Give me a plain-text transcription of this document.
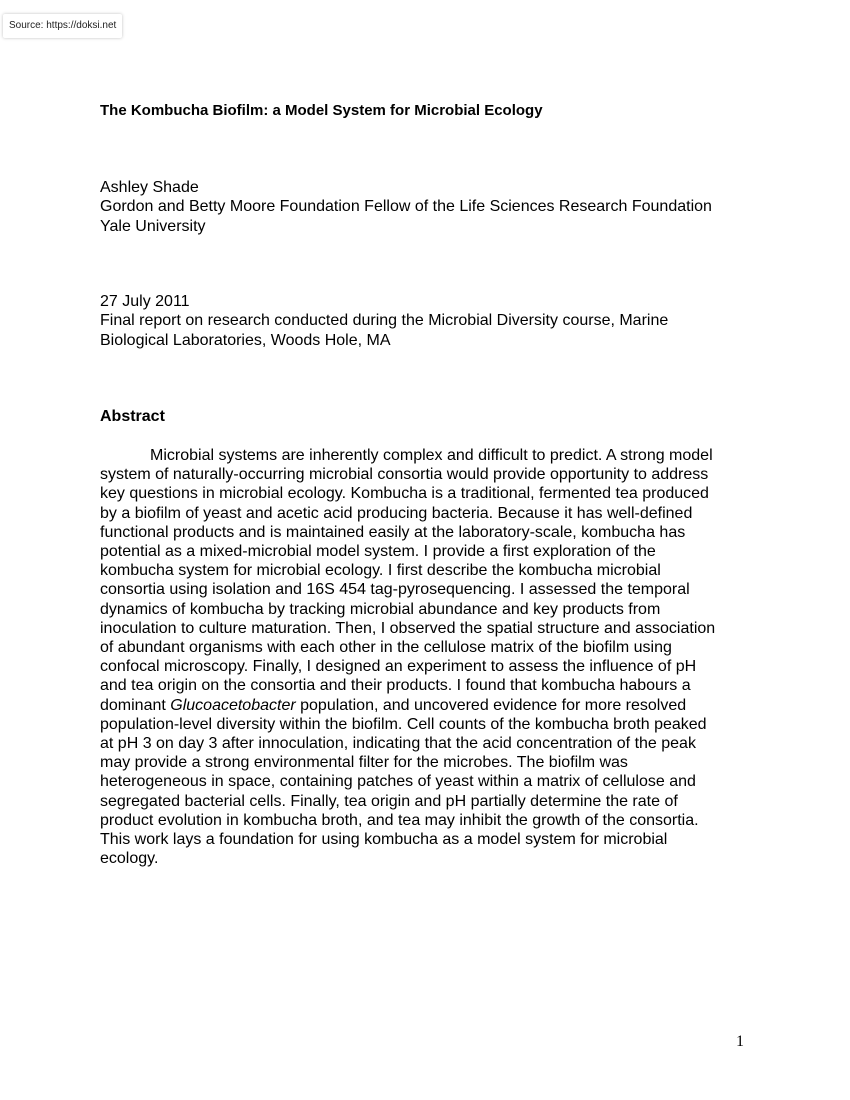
Source: https://doksi.net
The Kombucha Biofilm: a Model System for Microbial Ecology
Ashley Shade
Gordon and Betty Moore Foundation Fellow of the Life Sciences Research Foundation
Yale University
27 July 2011
Final report on research conducted during the Microbial Diversity course, Marine
Biological Laboratories, Woods Hole, MA
Abstract
Microbial systems are inherently complex and difficult to predict. A strong model
system of naturally-occurring microbial consortia would provide opportunity to address
key questions in microbial ecology. Kombucha is a traditional, fermented tea produced
by a biofilm of yeast and acetic acid producing bacteria. Because it has well-defined
functional products and is maintained easily at the laboratory-scale, kombucha has
potential as a mixed-microbial model system. I provide a first exploration of the
kombucha system for microbial ecology. I first describe the kombucha microbial
consortia using isolation and 16S 454 tag-pyrosequencing. I assessed the temporal
dynamics of kombucha by tracking microbial abundance and key products from
inoculation to culture maturation. Then, I observed the spatial structure and association
of abundant organisms with each other in the cellulose matrix of the biofilm using
confocal microscopy. Finally, I designed an experiment to assess the influence of pH
and tea origin on the consortia and their products. I found that kombucha habours a
dominant Glucoacetobacter population, and uncovered evidence for more resolved
population-level diversity within the biofilm. Cell counts of the kombucha broth peaked
at pH 3 on day 3 after innoculation, indicating that the acid concentration of the peak
may provide a strong environmental filter for the microbes. The biofilm was
heterogeneous in space, containing patches of yeast within a matrix of cellulose and
segregated bacterial cells. Finally, tea origin and pH partially determine the rate of
product evolution in kombucha broth, and tea may inhibit the growth of the consortia.
This work lays a foundation for using kombucha as a model system for microbial
ecology.
1
